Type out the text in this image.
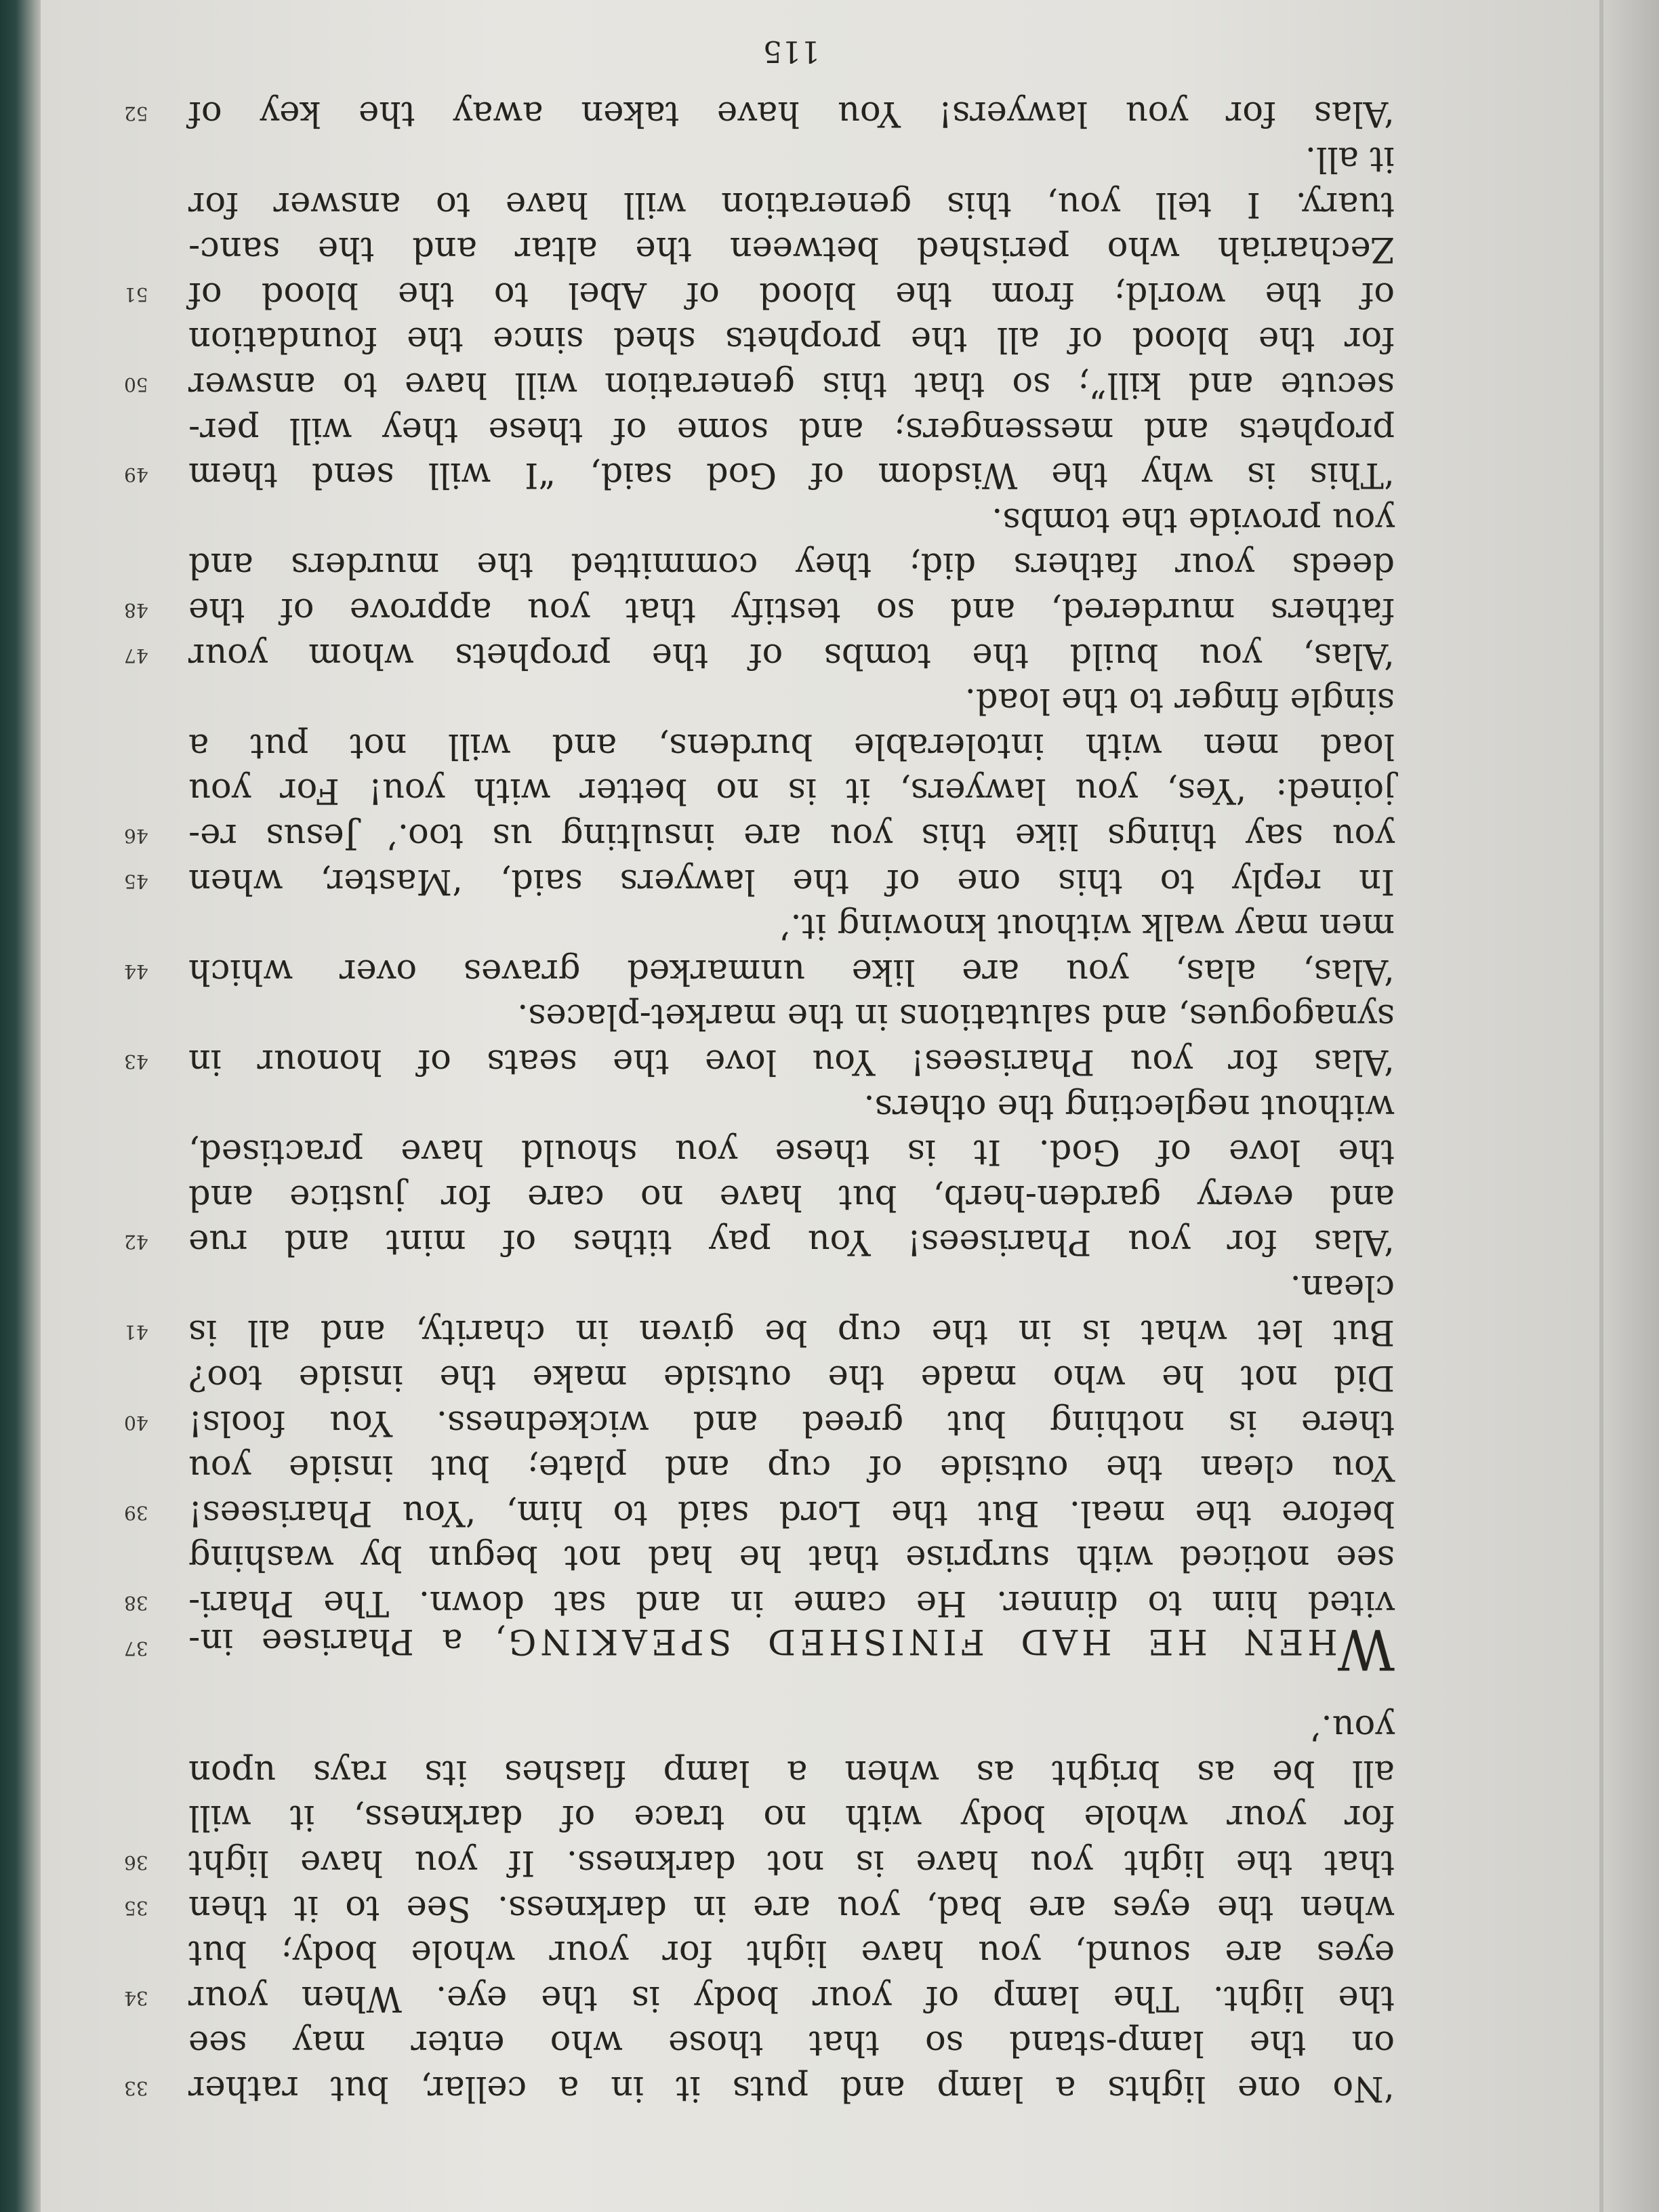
‘No one lights a lamp and puts it in a cellar, but rather
33
on the lamp-stand so that those who enter may see
the light. The lamp of your body is the eye. When your
34
eyes are sound, you have light for your whole body; but
when the eyes are bad, you are in darkness. See to it then
35
that the light you have is not darkness. If you have light
36
for your whole body with no trace of darkness, it will
all be as bright as when a lamp flashes its rays upon
you.’
WHEN HE HAD FINISHED SPEAKING, a Pharisee in-
37
vited him to dinner. He came in and sat down. The Phari-
38
see noticed with surprise that he had not begun by washing
before the meal. But the Lord said to him, ‘You Pharisees!
39
You clean the outside of cup and plate; but inside you
there is nothing but greed and wickedness. You fools!
40
Did not he who made the outside make the inside too?
But let what is in the cup be given in charity, and all is
41
clean.
‘Alas for you Pharisees! You pay tithes of mint and rue
42
and every garden-herb, but have no care for justice and
the love of God. It is these you should have practised,
without neglecting the others.
‘Alas for you Pharisees! You love the seats of honour in
43
synagogues, and salutations in the market-places.
‘Alas, alas, you are like unmarked graves over which
44
men may walk without knowing it.’
In reply to this one of the lawyers said, ‘Master, when
45
you say things like this you are insulting us too.’ Jesus re-
46
joined: ‘Yes, you lawyers, it is no better with you! For you
load men with intolerable burdens, and will not put a
single finger to the load.
‘Alas, you build the tombs of the prophets whom your
47
fathers murdered, and so testify that you approve of the
48
deeds your fathers did; they committed the murders and
you provide the tombs.
‘This is why the Wisdom of God said, “I will send them
49
prophets and messengers; and some of these they will per-
secute and kill”; so that this generation will have to answer
50
for the blood of all the prophets shed since the foundation
of the world; from the blood of Abel to the blood of
51
Zechariah who perished between the altar and the sanc-
tuary. I tell you, this generation will have to answer for
it all.
‘Alas for you lawyers! You have taken away the key of
52
115
